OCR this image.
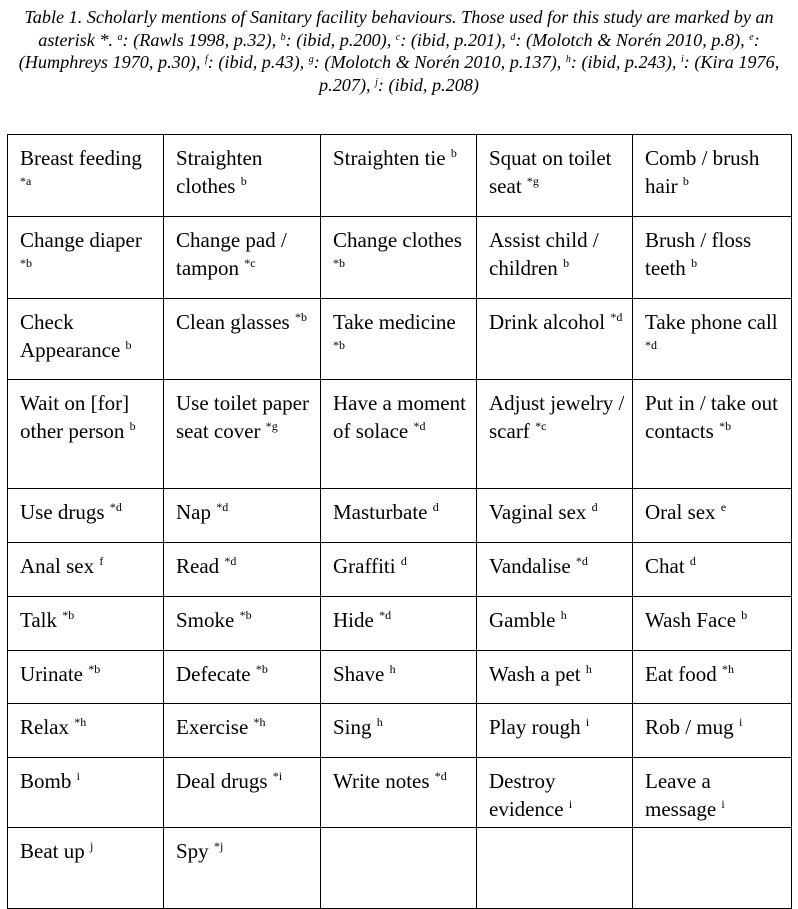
Table 1. Scholarly mentions of Sanitary facility behaviours. Those used for this study are marked by an asterisk *. $^a$: (Rawls 1998, p.32), $^b$: (ibid, p.200), $^c$: (ibid, p.201), $^d$: (Molotch & Norén 2010, p.8), $^e$: (Humphreys 1970, p.30), $^f$: (ibid, p.43), $^g$: (Molotch & Norén 2010, p.137), $^h$: (ibid, p.243), $^i$: (Kira 1976, p.207), $^j$: (ibid, p.208)
Breast feeding $^{*a}$	Straighten clothes $^b$	Straighten tie $^b$	Squat on toilet seat $^{*g}$	Comb / brush hair $^b$
Change diaper $^{*b}$	Change pad / tampon $^{*c}$	Change clothes $^{*b}$	Assist child / children $^b$	Brush / floss teeth $^b$
Check Appearance $^b$	Clean glasses $^{*b}$	Take medicine $^{*b}$	Drink alcohol $^{*d}$	Take phone call $^{*d}$
Wait on [for] other person $^b$	Use toilet paper seat cover $^{*g}$	Have a moment of solace $^{*d}$	Adjust jewelry / scarf $^{*c}$	Put in / take out contacts $^{*b}$
Use drugs $^{*d}$	Nap $^{*d}$	Masturbate $^d$	Vaginal sex $^d$	Oral sex $^e$
Anal sex $^f$	Read $^{*d}$	Graffiti $^d$	Vandalise $^{*d}$	Chat $^d$
Talk $^{*b}$	Smoke $^{*b}$	Hide $^{*d}$	Gamble $^h$	Wash Face $^b$
Urinate $^{*b}$	Defecate $^{*b}$	Shave $^h$	Wash a pet $^h$	Eat food $^{*h}$
Relax $^{*h}$	Exercise $^{*h}$	Sing $^h$	Play rough $^i$	Rob / mug $^i$
Bomb $^i$	Deal drugs $^{*i}$	Write notes $^{*d}$	Destroy evidence $^i$	Leave a message $^i$
Beat up $^j$	Spy $^{*j}$			
